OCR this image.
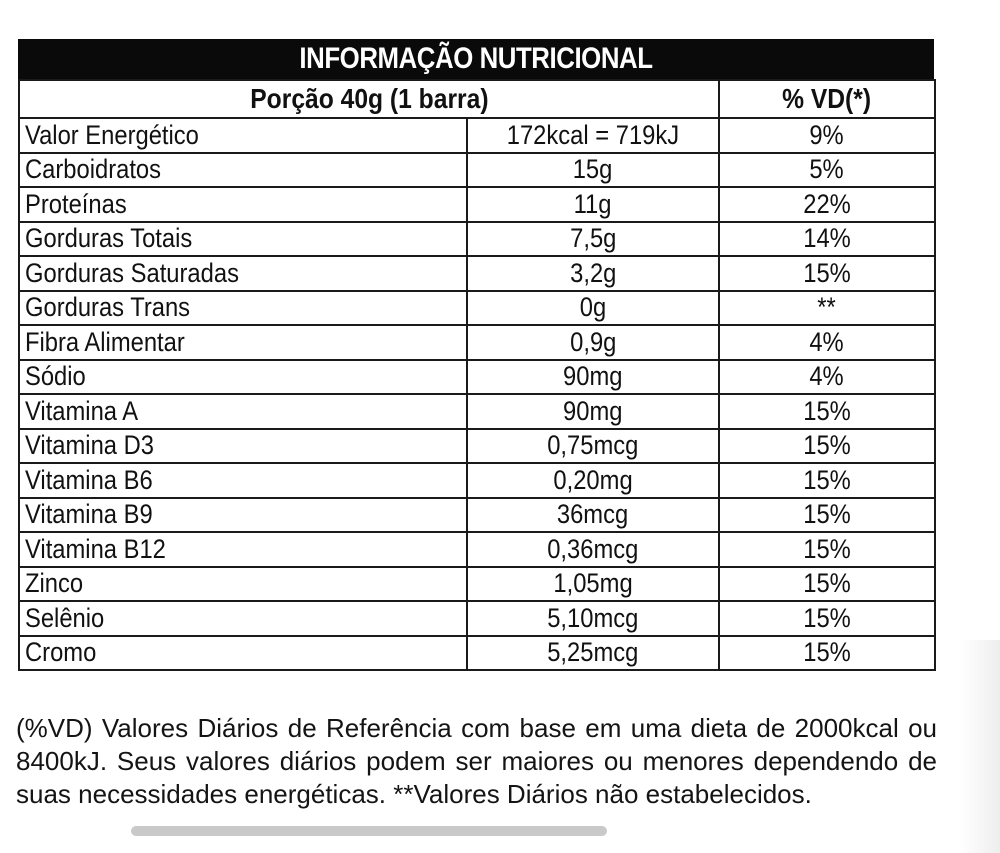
INFORMAÇÃO NUTRICIONAL
Porção 40g (1 barra)		% VD(*)
Valor Energético	172kcal = 719kJ	9%
Carboidratos	15g	5%
Proteínas	11g	22%
Gorduras Totais	7,5g	14%
Gorduras Saturadas	3,2g	15%
Gorduras Trans	0g	**
Fibra Alimentar	0,9g	4%
Sódio	90mg	4%
Vitamina A	90mg	15%
Vitamina D3	0,75mcg	15%
Vitamina B6	0,20mg	15%
Vitamina B9	36mcg	15%
Vitamina B12	0,36mcg	15%
Zinco	1,05mg	15%
Selênio	5,10mcg	15%
Cromo	5,25mcg	15%

(%VD) Valores Diários de Referência com base em uma dieta de 2000kcal ou 8400kJ. Seus valores diários podem ser maiores ou menores dependendo de suas necessidades energéticas. **Valores Diários não estabelecidos.
